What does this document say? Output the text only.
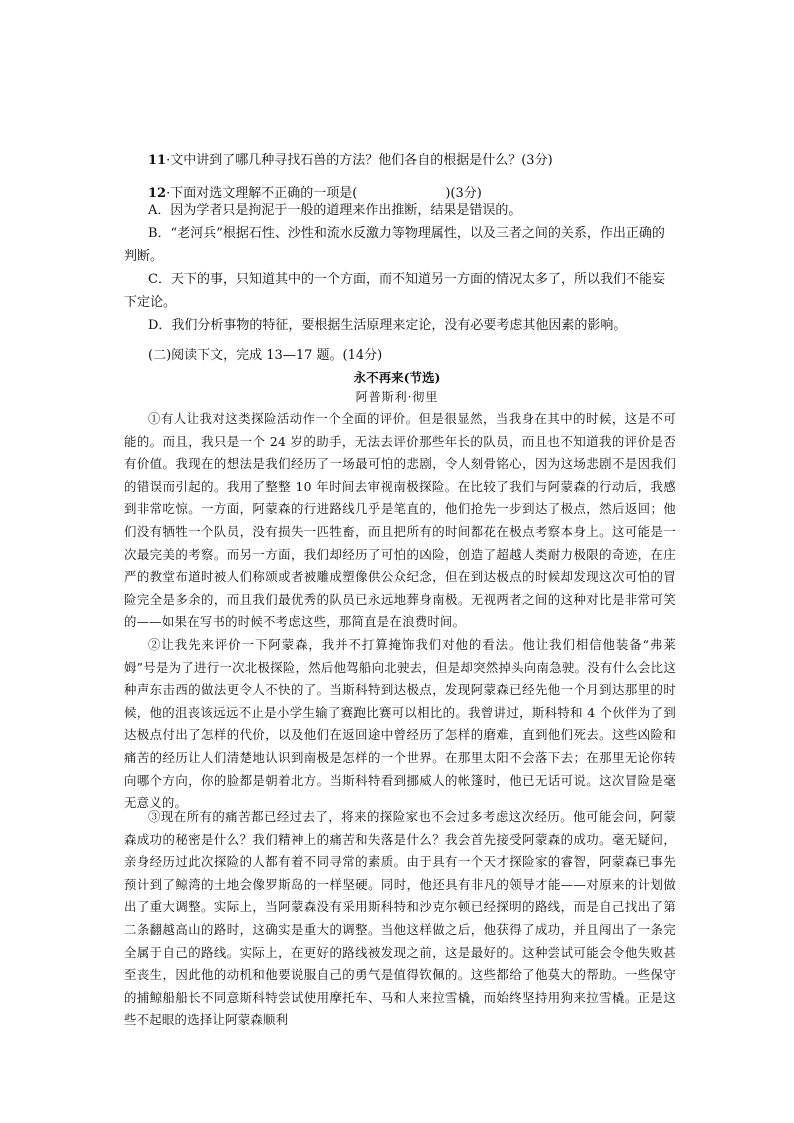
11·文中讲到了哪几种寻找石兽的方法？他们各自的根据是什么？(3分)
12·下面对选文理解不正确的一项是(	)(3分)
A．因为学者只是拘泥于一般的道理来作出推断，结果是错误的。
B．“老河兵”根据石性、沙性和流水反激力等物理属性，以及三者之间的关系，作出正确的判断。
C．天下的事，只知道其中的一个方面，而不知道另一方面的情况太多了，所以我们不能妄下定论。
D．我们分析事物的特征，要根据生活原理来定论，没有必要考虑其他因素的影响。
(二)阅读下文，完成 13—17 题。(14分)
永不再来(节选)
阿普斯利·彻里
①有人让我对这类探险活动作一个全面的评价。但是很显然，当我身在其中的时候，这是不可能的。而且，我只是一个 24 岁的助手，无法去评价那些年长的队员，而且也不知道我的评价是否有价值。我现在的想法是我们经历了一场最可怕的悲剧，令人刻骨铭心，因为这场悲剧不是因我们的错误而引起的。我用了整整 10 年时间去审视南极探险。在比较了我们与阿蒙森的行动后，我感到非常吃惊。一方面，阿蒙森的行进路线几乎是笔直的，他们抢先一步到达了极点，然后返回；他们没有牺牲一个队员，没有损失一匹牲畜，而且把所有的时间都花在极点考察本身上。这可能是一次最完美的考察。而另一方面，我们却经历了可怕的凶险，创造了超越人类耐力极限的奇迹，在庄严的教堂布道时被人们称颂或者被雕成塑像供公众纪念，但在到达极点的时候却发现这次可怕的冒险完全是多余的，而且我们最优秀的队员已永远地葬身南极。无视两者之间的这种对比是非常可笑的——如果在写书的时候不考虑这些，那简直是在浪费时间。
②让我先来评价一下阿蒙森，我并不打算掩饰我们对他的看法。他让我们相信他装备“弗莱姆”号是为了进行一次北极探险，然后他驾船向北驶去，但是却突然掉头向南急驶。没有什么会比这种声东击西的做法更令人不快的了。当斯科特到达极点，发现阿蒙森已经先他一个月到达那里的时候，他的沮丧该远远不止是小学生输了赛跑比赛可以相比的。我曾讲过，斯科特和 4 个伙伴为了到达极点付出了怎样的代价，以及他们在返回途中曾经历了怎样的磨难，直到他们死去。这些凶险和痛苦的经历让人们清楚地认识到南极是怎样的一个世界。在那里太阳不会落下去；在那里无论你转向哪个方向，你的脸都是朝着北方。当斯科特看到挪威人的帐篷时，他已无话可说。这次冒险是毫无意义的。
③现在所有的痛苦都已经过去了，将来的探险家也不会过多考虑这次经历。他可能会问，阿蒙森成功的秘密是什么？我们精神上的痛苦和失落是什么？我会首先接受阿蒙森的成功。毫无疑问，亲身经历过此次探险的人都有着不同寻常的素质。由于具有一个天才探险家的睿智，阿蒙森已事先预计到了鲸湾的土地会像罗斯岛的一样坚硬。同时，他还具有非凡的领导才能——对原来的计划做出了重大调整。实际上，当阿蒙森没有采用斯科特和沙克尔顿已经探明的路线，而是自己找出了第二条翻越高山的路时，这确实是重大的调整。当他这样做之后，他获得了成功，并且闯出了一条完全属于自己的路线。实际上，在更好的路线被发现之前，这是最好的。这种尝试可能会令他失败甚至丧生，因此他的动机和他要说服自己的勇气是值得钦佩的。这些都给了他莫大的帮助。一些保守的捕鲸船船长不同意斯科特尝试使用摩托车、马和人来拉雪橇，而始终坚持用狗来拉雪橇。正是这些不起眼的选择让阿蒙森顺利
